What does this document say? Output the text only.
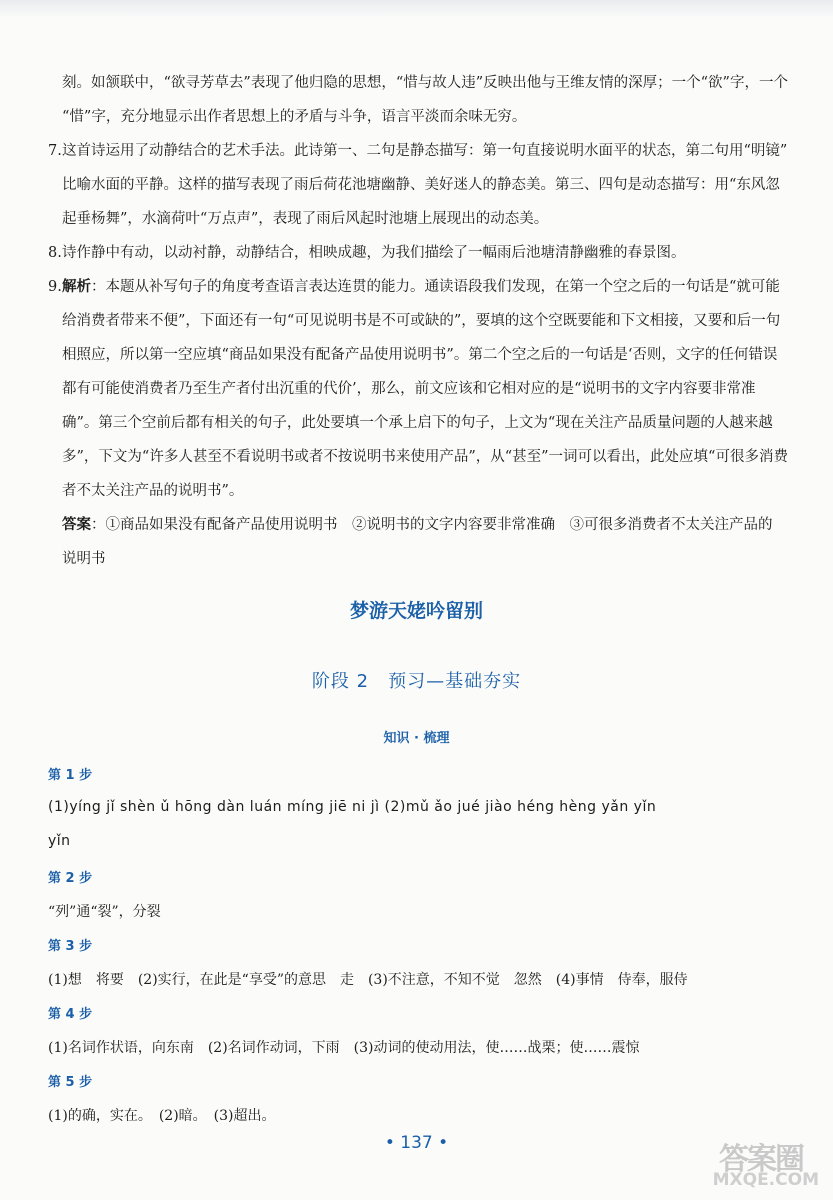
刻。如颔联中，“欲寻芳草去”表现了他归隐的思想，“惜与故人违”反映出他与王维友情的深厚；一个“欲”字，一个
“惜”字，充分地显示出作者思想上的矛盾与斗争，语言平淡而余味无穷。
7.这首诗运用了动静结合的艺术手法。此诗第一、二句是静态描写：第一句直接说明水面平的状态，第二句用“明镜”
比喻水面的平静。这样的描写表现了雨后荷花池塘幽静、美好迷人的静态美。第三、四句是动态描写：用“东风忽
起垂杨舞”，水滴荷叶“万点声”，表现了雨后风起时池塘上展现出的动态美。
8.诗作静中有动，以动衬静，动静结合，相映成趣，为我们描绘了一幅雨后池塘清静幽雅的春景图。
9.解析：本题从补写句子的角度考查语言表达连贯的能力。通读语段我们发现，在第一个空之后的一句话是“就可能
给消费者带来不便”，下面还有一句“可见说明书是不可或缺的”，要填的这个空既要能和下文相接，又要和后一句
相照应，所以第一空应填“商品如果没有配备产品使用说明书”。第二个空之后的一句话是‘否则，文字的任何错误
都有可能使消费者乃至生产者付出沉重的代价’，那么，前文应该和它相对应的是“说明书的文字内容要非常准
确”。第三个空前后都有相关的句子，此处要填一个承上启下的句子，上文为“现在关注产品质量问题的人越来越
多”，下文为“许多人甚至不看说明书或者不按说明书来使用产品”，从“甚至”一词可以看出，此处应填“可很多消费
者不太关注产品的说明书”。
答案：①商品如果没有配备产品使用说明书　②说明书的文字内容要非常准确　③可很多消费者不太关注产品的
说明书
梦游天姥吟留别
阶段 2　预习—基础夯实
知识 · 梳理
第 1 步
(1)yíng jǐ shèn ǔ hōng dàn luán míng jiē ni jì (2)mǔ ǎo jué jiào héng hèng yǎn yǐn
yǐn
第 2 步
“列”通“裂”，分裂
第 3 步
(1)想　将要　(2)实行，在此是“享受”的意思　走　(3)不注意，不知不觉　忽然　(4)事情　侍奉，服侍
第 4 步
(1)名词作状语，向东南　(2)名词作动词，下雨　(3)动词的使动用法，使……战栗；使……震惊
第 5 步
(1)的确，实在。　(2)暗。　(3)超出。
• 137 •	答案圈
MXQE.COM
